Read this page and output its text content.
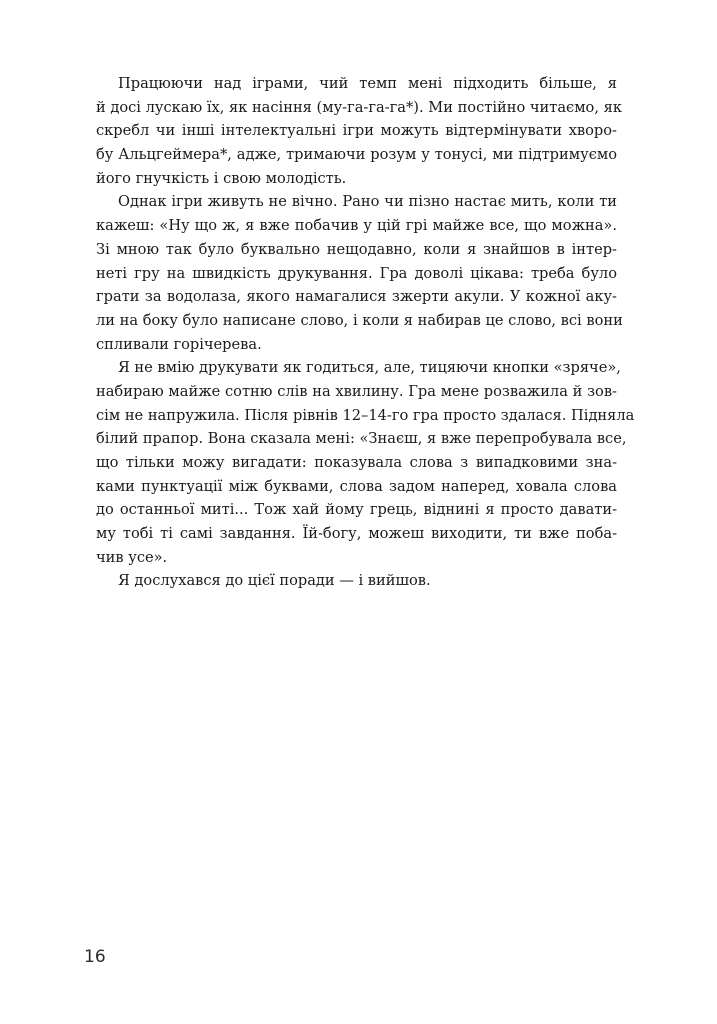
Працюючи над іграми, чий темп мені підходить більше, я
й досі лускаю їх, як насіння (му-га-га-га*). Ми постійно читаємо, як
скребл чи інші інтелектуальні ігри можуть відтермінувати хворо-
бу Альцгеймера*, адже, тримаючи розум у тонусі, ми підтримуємо
його гнучкість і свою молодість.
Однак ігри живуть не вічно. Рано чи пізно настає мить, коли ти
кажеш: «Ну що ж, я вже побачив у цій грі майже все, що можна».
Зі мною так було буквально нещодавно, коли я знайшов в інтер-
неті гру на швидкість друкування. Гра доволі цікава: треба було
грати за водолаза, якого намагалися зжерти акули. У кожної аку-
ли на боку було написане слово, і коли я набирав це слово, всі вони
спливали горічерева.
Я не вмію друкувати як годиться, але, тицяючи кнопки «зряче»,
набираю майже сотню слів на хвилину. Гра мене розважила й зов-
сім не напружила. Після рівнів 12–14-го гра просто здалася. Підняла
білий прапор. Вона сказала мені: «Знаєш, я вже перепробувала все,
що тільки можу вигадати: показувала слова з випадковими зна-
ками пунктуації між буквами, слова задом наперед, ховала слова
до останньої миті... Тож хай йому грець, віднині я просто давати-
му тобі ті самі завдання. Їй-богу, можеш виходити, ти вже поба-
чив усе».
Я дослухався до цієї поради — і вийшов.
16
